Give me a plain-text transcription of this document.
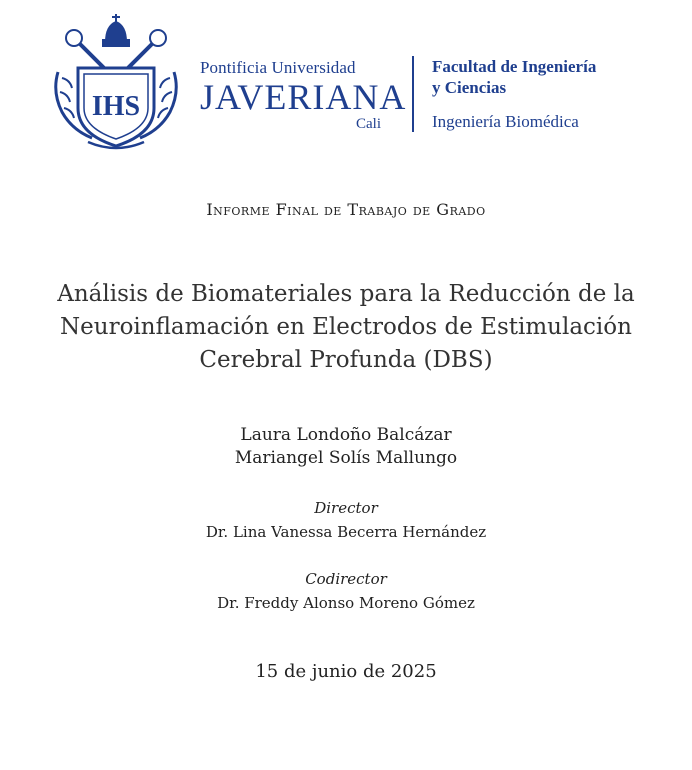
IHS
Pontificia Universidad
JAVERIANA
Cali
Facultad de Ingeniería
y Ciencias
Ingeniería Biomédica
Informe Final de Trabajo de Grado
Análisis de Biomateriales para la Reducción de la
Neuroinflamación en Electrodos de Estimulación
Cerebral Profunda (DBS)
Laura Londoño Balcázar
Mariangel Solís Mallungo
Director
Dr. Lina Vanessa Becerra Hernández
Codirector
Dr. Freddy Alonso Moreno Gómez
15 de junio de 2025
